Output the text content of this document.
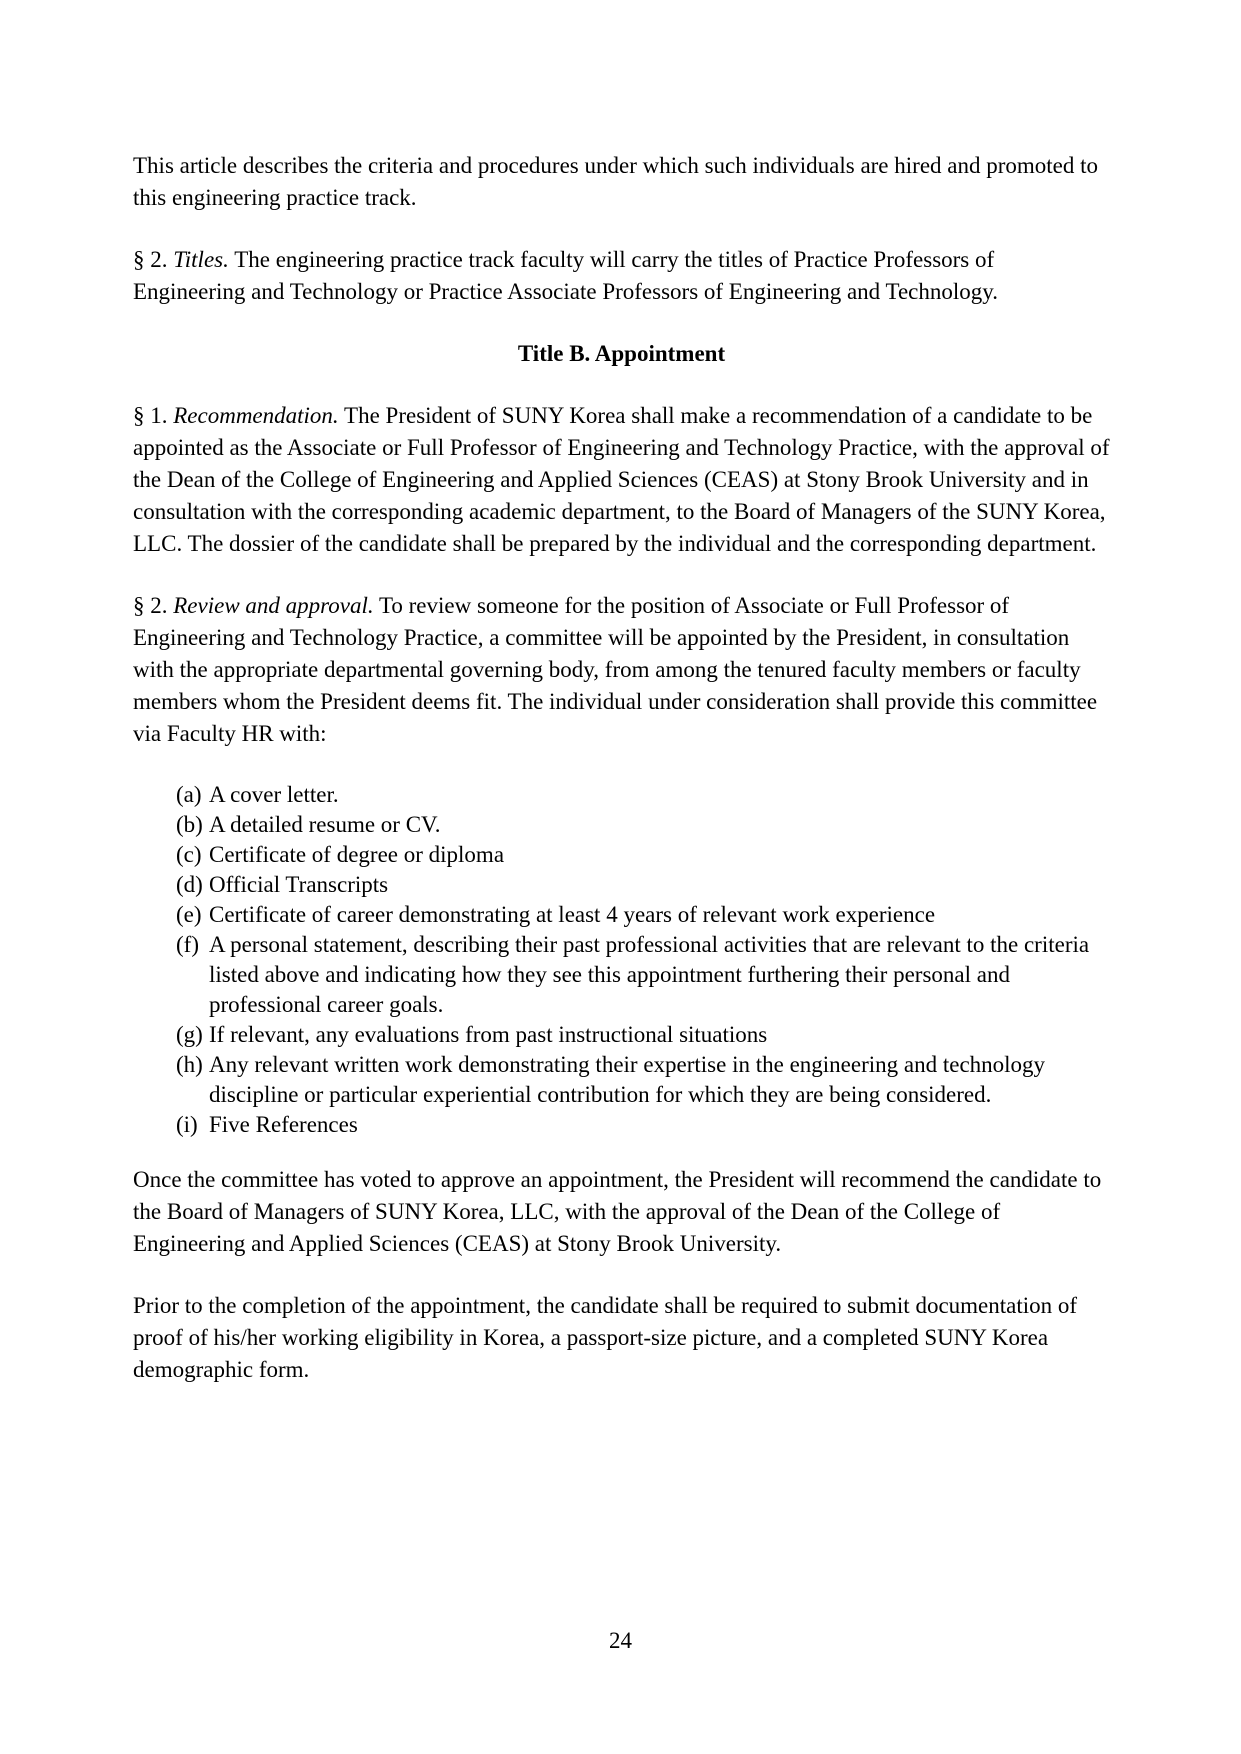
This article describes the criteria and procedures under which such individuals are hired and promoted to this engineering practice track.

§ 2. Titles. The engineering practice track faculty will carry the titles of Practice Professors of Engineering and Technology or Practice Associate Professors of Engineering and Technology.

Title B. Appointment

§ 1. Recommendation. The President of SUNY Korea shall make a recommendation of a candidate to be appointed as the Associate or Full Professor of Engineering and Technology Practice, with the approval of the Dean of the College of Engineering and Applied Sciences (CEAS) at Stony Brook University and in consultation with the corresponding academic department, to the Board of Managers of the SUNY Korea, LLC. The dossier of the candidate shall be prepared by the individual and the corresponding department.

§ 2. Review and approval. To review someone for the position of Associate or Full Professor of Engineering and Technology Practice, a committee will be appointed by the President, in consultation with the appropriate departmental governing body, from among the tenured faculty members or faculty members whom the President deems fit. The individual under consideration shall provide this committee via Faculty HR with:

(a) A cover letter.
(b) A detailed resume or CV.
(c) Certificate of degree or diploma
(d) Official Transcripts
(e) Certificate of career demonstrating at least 4 years of relevant work experience
(f) A personal statement, describing their past professional activities that are relevant to the criteria listed above and indicating how they see this appointment furthering their personal and professional career goals.
(g) If relevant, any evaluations from past instructional situations
(h) Any relevant written work demonstrating their expertise in the engineering and technology discipline or particular experiential contribution for which they are being considered.
(i) Five References

Once the committee has voted to approve an appointment, the President will recommend the candidate to the Board of Managers of SUNY Korea, LLC, with the approval of the Dean of the College of Engineering and Applied Sciences (CEAS) at Stony Brook University.

Prior to the completion of the appointment, the candidate shall be required to submit documentation of proof of his/her working eligibility in Korea, a passport-size picture, and a completed SUNY Korea demographic form.

24
